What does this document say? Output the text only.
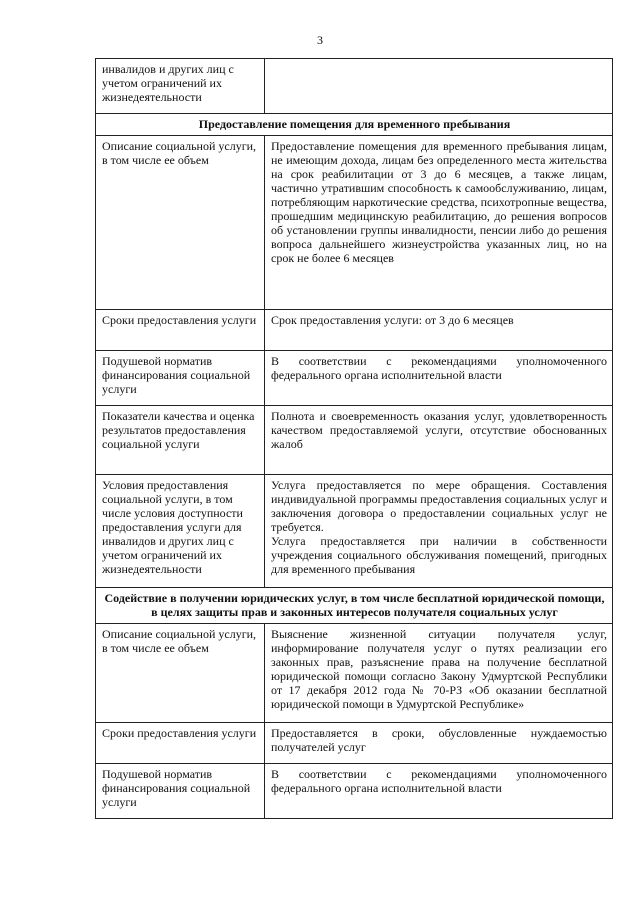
3
инвалидов и других лиц с учетом ограничений их жизнедеятельности	
Предоставление помещения для временного пребывания	
Описание социальной услуги, в том числе ее объем	Предоставление помещения для временного пребывания лицам, не имеющим дохода, лицам без определенного места жительства на срок реабилитации от 3 до 6 месяцев, а также лицам, частично утратившим способность к самообслуживанию, лицам, потребляющим наркотические средства, психотропные вещества, прошедшим медицинскую реабилитацию, до решения вопросов об установлении группы инвалидности, пенсии либо до решения вопроса дальнейшего жизнеустройства указанных лиц, но на срок не более 6 месяцев
Сроки предоставления услуги	Срок предоставления услуги: от 3 до 6 месяцев
Подушевой норматив финансирования социальной услуги	В соответствии с рекомендациями уполномоченного федерального органа исполнительной власти
Показатели качества и оценка результатов предоставления социальной услуги	Полнота и своевременность оказания услуг, удовлетворенность качеством предоставляемой услуги, отсутствие обоснованных жалоб
Условия предоставления социальной услуги, в том числе условия доступности предоставления услуги для инвалидов и других лиц с учетом ограничений их жизнедеятельности	Услуга предоставляется по мере обращения. Составления индивидуальной программы предоставления социальных услуг и заключения договора о предоставлении социальных услуг не требуется.
Услуга предоставляется при наличии в собственности учреждения социального обслуживания помещений, пригодных для временного пребывания

Содействие в получении юридических услуг, в том числе бесплатной юридической помощи, в целях защиты прав и законных интересов получателя социальных услуг	
Описание социальной услуги, в том числе ее объем	Выяснение жизненной ситуации получателя услуг, информирование получателя услуг о путях реализации его законных прав, разъяснение права на получение бесплатной юридической помощи согласно Закону Удмуртской Республики от 17 декабря 2012 года № 70-РЗ «Об оказании бесплатной юридической помощи в Удмуртской Республике»
Сроки предоставления услуги	Предоставляется в сроки, обусловленные нуждаемостью получателей услуг
Подушевой норматив финансирования социальной услуги	В соответствии с рекомендациями уполномоченного федерального органа исполнительной власти
